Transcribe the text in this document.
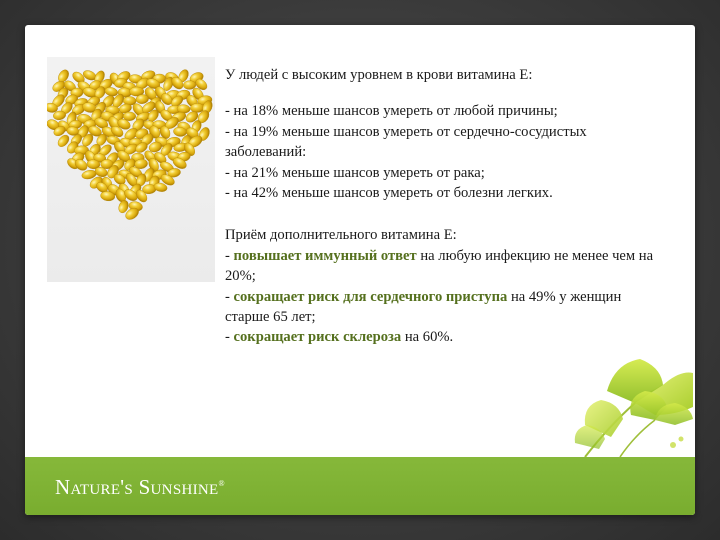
У людей с высоким уровнем в крови витамина Е:

- на 18% меньше шансов умереть от любой причины;

- на 19% меньше шансов умереть от сердечно-сосудистых заболеваний:

- на 21% меньше шансов умереть от рака;

- на 42% меньше шансов умереть от болезни легких.

Приём дополнительного витамина Е:

- повышает иммунный ответ на любую инфекцию не менее чем на 20%;

- сокращает риск для сердечного приступа на 49% у женщин старше 65 лет;

- сокращает риск склероза на 60%.

Nature's Sunshine®
